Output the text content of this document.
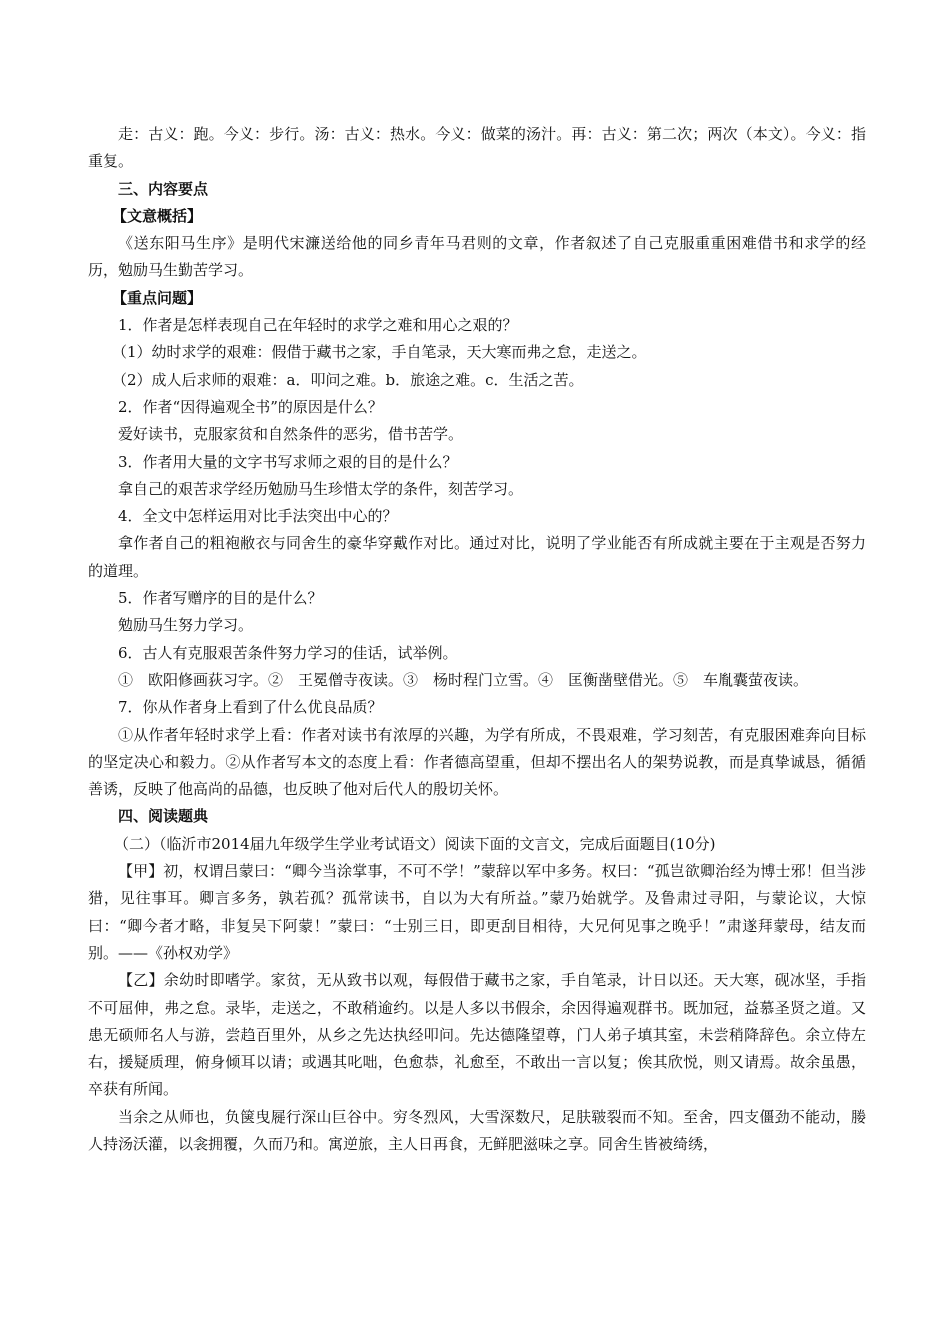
走：古义：跑。今义：步行。汤：古义：热水。今义：做菜的汤汁。再：古义：第二次；两次（本文）。今义：指重复。

三、内容要点

【文意概括】

《送东阳马生序》是明代宋濂送给他的同乡青年马君则的文章，作者叙述了自己克服重重困难借书和求学的经历，勉励马生勤苦学习。

【重点问题】

1．作者是怎样表现自己在年轻时的求学之难和用心之艰的？

（1）幼时求学的艰难：假借于藏书之家，手自笔录，天大寒而弗之怠，走送之。

（2）成人后求师的艰难：a．叩问之难。b．旅途之难。c．生活之苦。

2．作者“因得遍观全书”的原因是什么？

爱好读书，克服家贫和自然条件的恶劣，借书苦学。

3．作者用大量的文字书写求师之艰的目的是什么？

拿自己的艰苦求学经历勉励马生珍惜太学的条件，刻苦学习。

4．全文中怎样运用对比手法突出中心的？

拿作者自己的粗袍敝衣与同舍生的豪华穿戴作对比。通过对比，说明了学业能否有所成就主要在于主观是否努力的道理。

5．作者写赠序的目的是什么？

勉励马生努力学习。

6．古人有克服艰苦条件努力学习的佳话，试举例。

①　欧阳修画荻习字。②　王冕僧寺夜读。③　杨时程门立雪。④　匡衡凿壁借光。⑤　车胤囊萤夜读。

7．你从作者身上看到了什么优良品质？

①从作者年轻时求学上看：作者对读书有浓厚的兴趣，为学有所成，不畏艰难，学习刻苦，有克服困难奔向目标的坚定决心和毅力。②从作者写本文的态度上看：作者德高望重，但却不摆出名人的架势说教，而是真挚诚恳，循循善诱，反映了他高尚的品德，也反映了他对后代人的殷切关怀。

四、阅读题典

（二）（临沂市2014届九年级学生学业考试语文）阅读下面的文言文，完成后面题目(10分)

【甲】初，权谓吕蒙曰：“卿今当涂掌事，不可不学！”蒙辞以军中多务。权曰：“孤岂欲卿治经为博士邪！但当涉猎，见往事耳。卿言多务，孰若孤？孤常读书，自以为大有所益。”蒙乃始就学。及鲁肃过寻阳，与蒙论议，大惊曰：“卿今者才略，非复吴下阿蒙！”蒙曰：“士别三日，即更刮目相待，大兄何见事之晚乎！”肃遂拜蒙母，结友而别。——《孙权劝学》

【乙】余幼时即嗜学。家贫，无从致书以观，每假借于藏书之家，手自笔录，计日以还。天大寒，砚冰坚，手指不可屈伸，弗之怠。录毕，走送之，不敢稍逾约。以是人多以书假余，余因得遍观群书。既加冠，益慕圣贤之道。又患无硕师名人与游，尝趋百里外，从乡之先达执经叩问。先达德隆望尊，门人弟子填其室，未尝稍降辞色。余立侍左右，援疑质理，俯身倾耳以请；或遇其叱咄，色愈恭，礼愈至，不敢出一言以复；俟其欣悦，则又请焉。故余虽愚，卒获有所闻。

当余之从师也，负箧曳屣行深山巨谷中。穷冬烈风，大雪深数尺，足肤皲裂而不知。至舍，四支僵劲不能动，媵人持汤沃灌，以衾拥覆，久而乃和。寓逆旅，主人日再食，无鲜肥滋味之享。同舍生皆被绮绣，
